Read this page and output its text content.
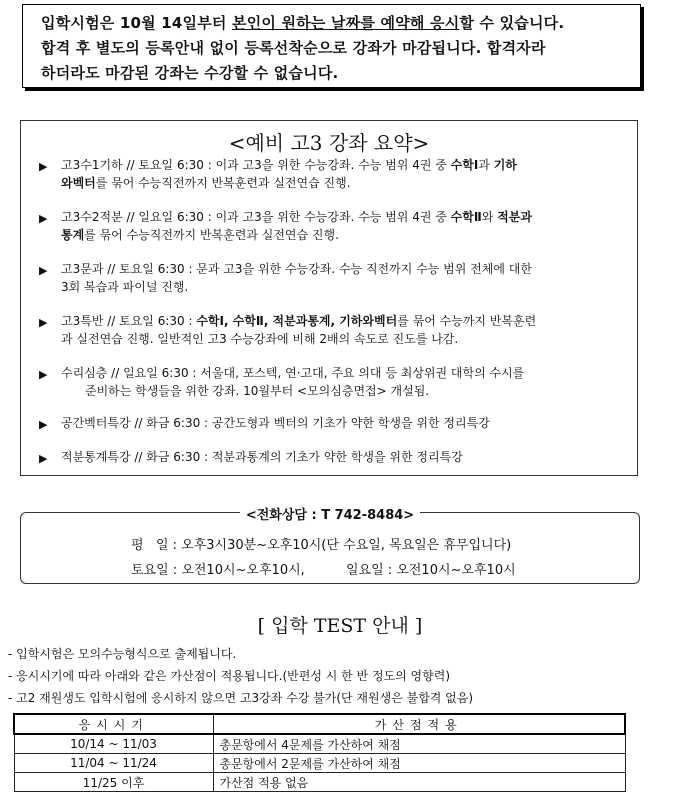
입학시험은 10월 14일부터 본인이 원하는 날짜를 예약해 응시할 수 있습니다.

합격 후 별도의 등록안내 없이 등록선착순으로 강좌가 마감됩니다. 합격자라

하더라도 마감된 강좌는 수강할 수 없습니다.

<예비 고3 강좌 요약>
▶ 고3수1기하 // 토요일 6:30 : 이과 고3을 위한 수능강좌. 수능 범위 4권 중 수학Ⅰ과 기하
와벡터를 묶어 수능직전까지 반복훈련과 실전연습 진행.
▶ 고3수2적분 // 일요일 6:30 : 이과 고3을 위한 수능강좌. 수능 범위 4권 중 수학Ⅱ와 적분과
통계를 묶어 수능직전까지 반복훈련과 실전연습 진행.
▶ 고3문과 // 토요일 6:30 : 문과 고3을 위한 수능강좌. 수능 직전까지 수능 범위 전체에 대한
3회 복습과 파이널 진행.
▶ 고3특반 // 토요일 6:30 : 수학Ⅰ, 수학Ⅱ, 적분과통계, 기하와벡터를 묶어 수능까지 반복훈련
과 실전연습 진행. 일반적인 고3 수능강좌에 비해 2배의 속도로 진도를 나감.
▶ 수리심층 // 일요일 6:30 : 서울대, 포스텍, 연·고대, 주요 의대 등 최상위권 대학의 수시를
준비하는 학생들을 위한 강좌. 10월부터 <모의심층면접> 개설됨.
▶ 공간벡터특강 // 화금 6:30 : 공간도형과 벡터의 기초가 약한 학생을 위한 정리특강
▶ 적분통계특강 // 화금 6:30 : 적분과통계의 기초가 약한 학생을 위한 정리특강
<전화상담 : T 742-8484>
평   일 : 오후3시30분~오후10시(단 수요일, 목요일은 휴무입니다)
토요일 : 오전10시~오후10시,	일요일 : 오전10시~오후10시
[ 입학 TEST 안내 ]
- 입학시험은 모의수능형식으로 출제됩니다.
- 응시시기에 따라 아래와 같은 가산점이 적용됩니다.(반편성 시 한 반 정도의 영향력)
- 고2 재원생도 입학시험에 응시하지 않으면 고3강좌 수강 불가(단 재원생은 불합격 없음)
응시시기	가산점적용
10/14 ~ 11/03	총문항에서 4문제를 가산하여 채점
11/04 ~ 11/24	총문항에서 2문제를 가산하여 채점
11/25 이후	가산점 적용 없음
